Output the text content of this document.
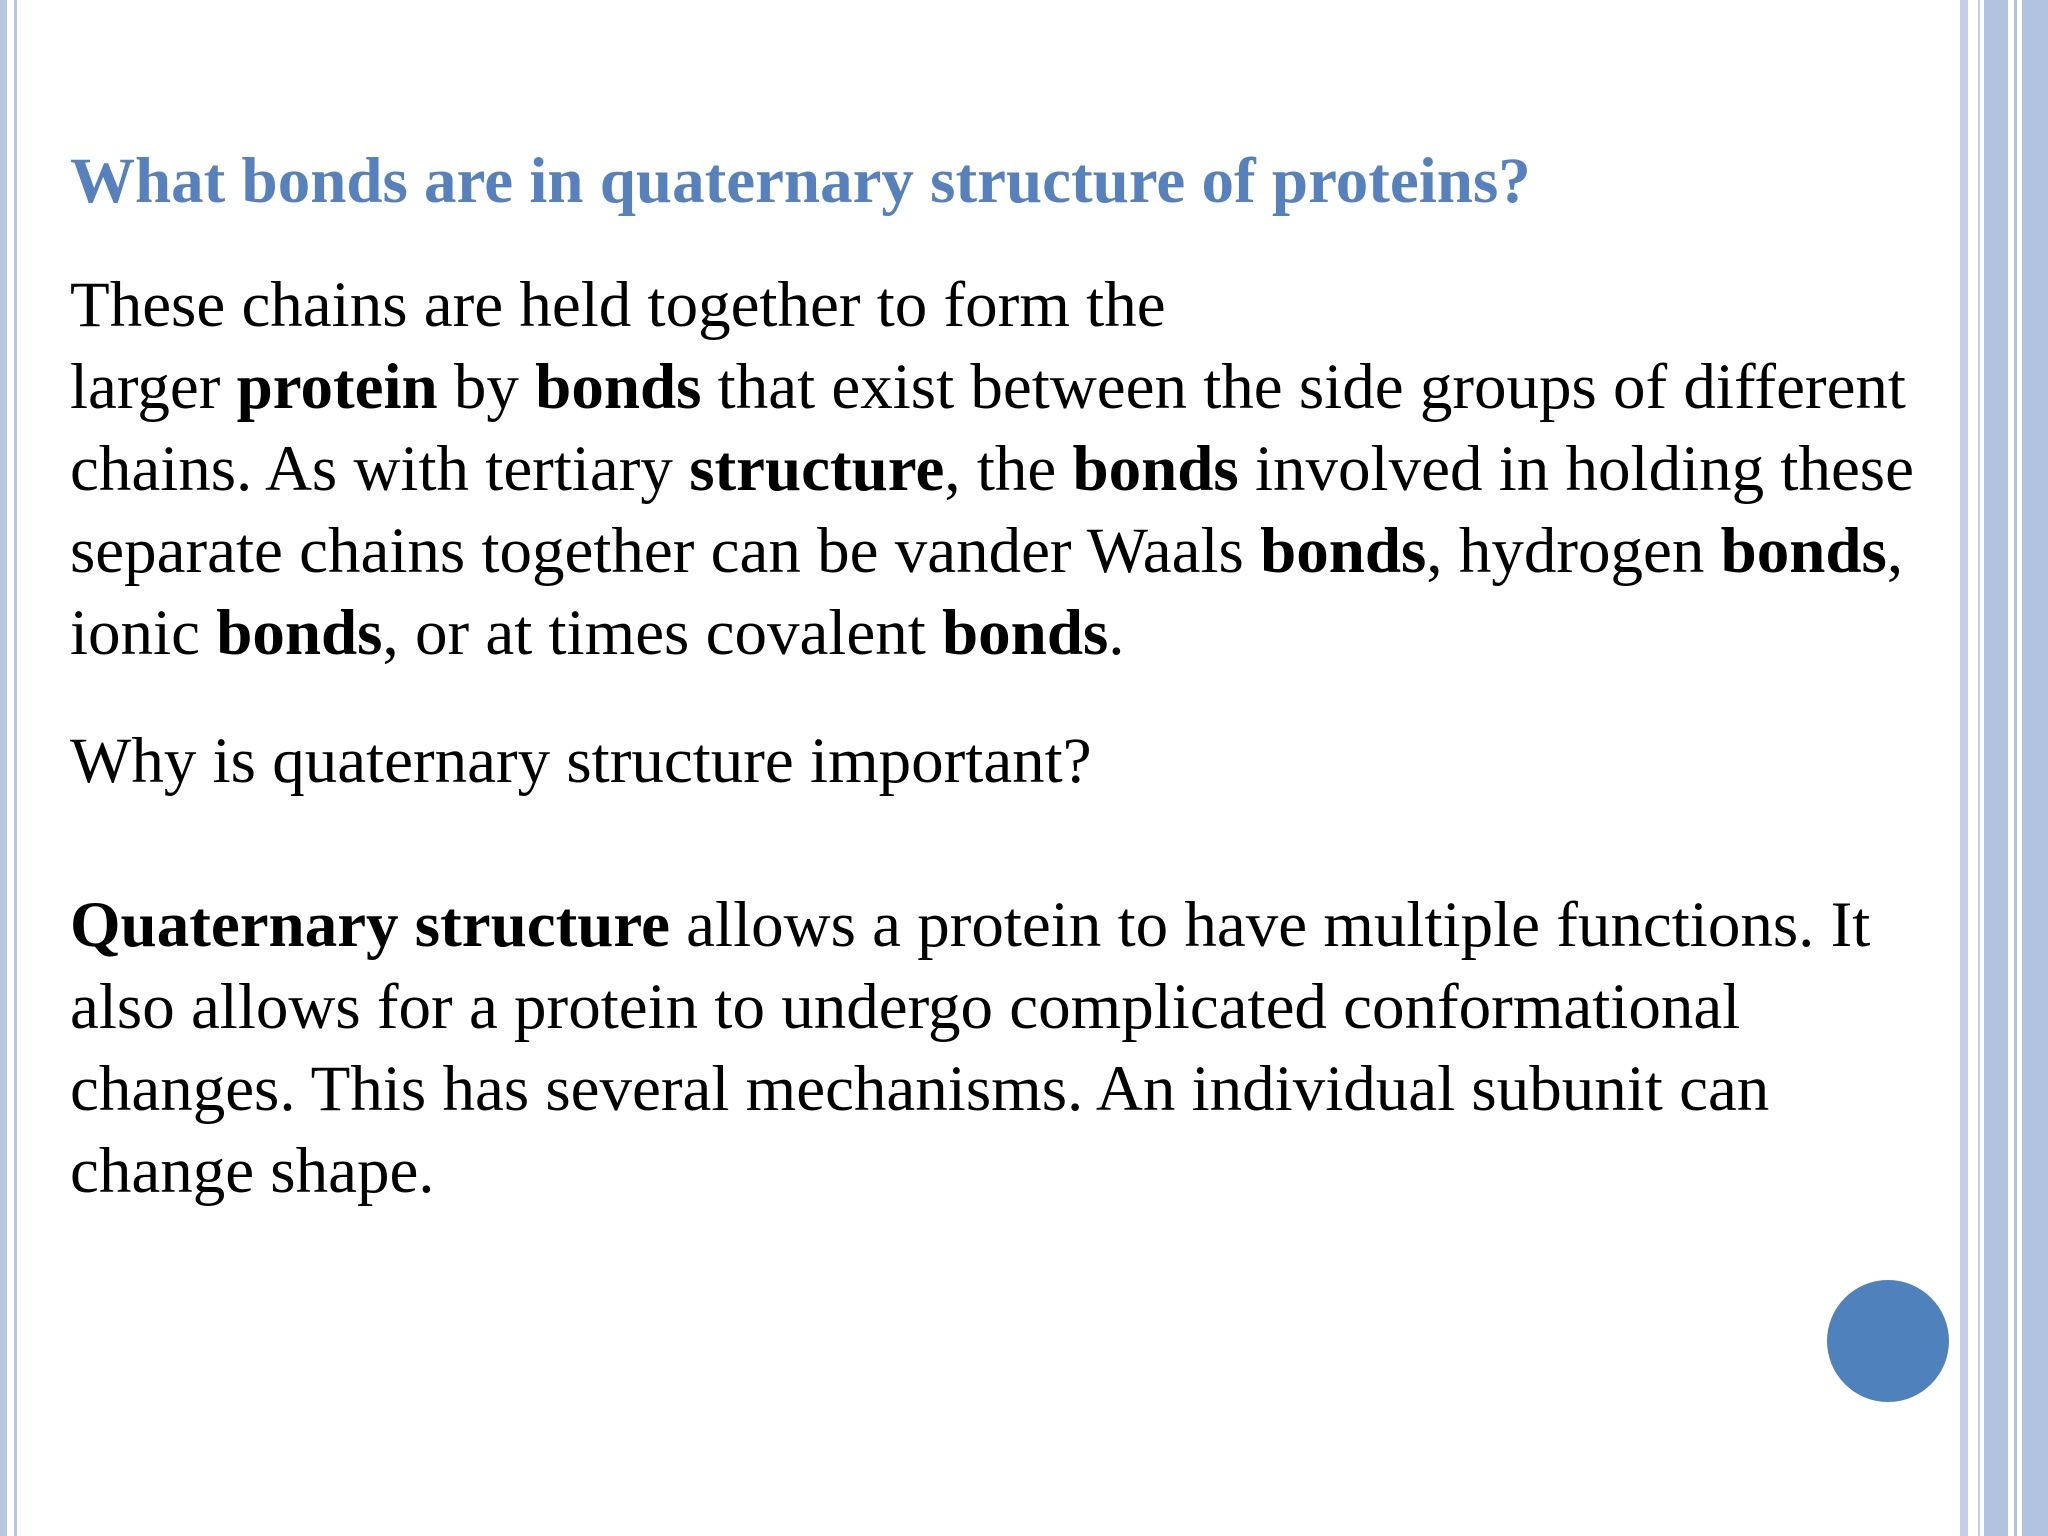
What bonds are in quaternary structure of proteins?

These chains are held together to form the
larger protein by bonds that exist between the side groups of different chains. As with tertiary structure, the bonds involved in holding these separate chains together can be vander Waals bonds, hydrogen bonds, ionic bonds, or at times covalent bonds.

Why is quaternary structure important?

Quaternary structure allows a protein to have multiple functions. It also allows for a protein to undergo complicated conformational changes. This has several mechanisms. An individual subunit can change shape.
